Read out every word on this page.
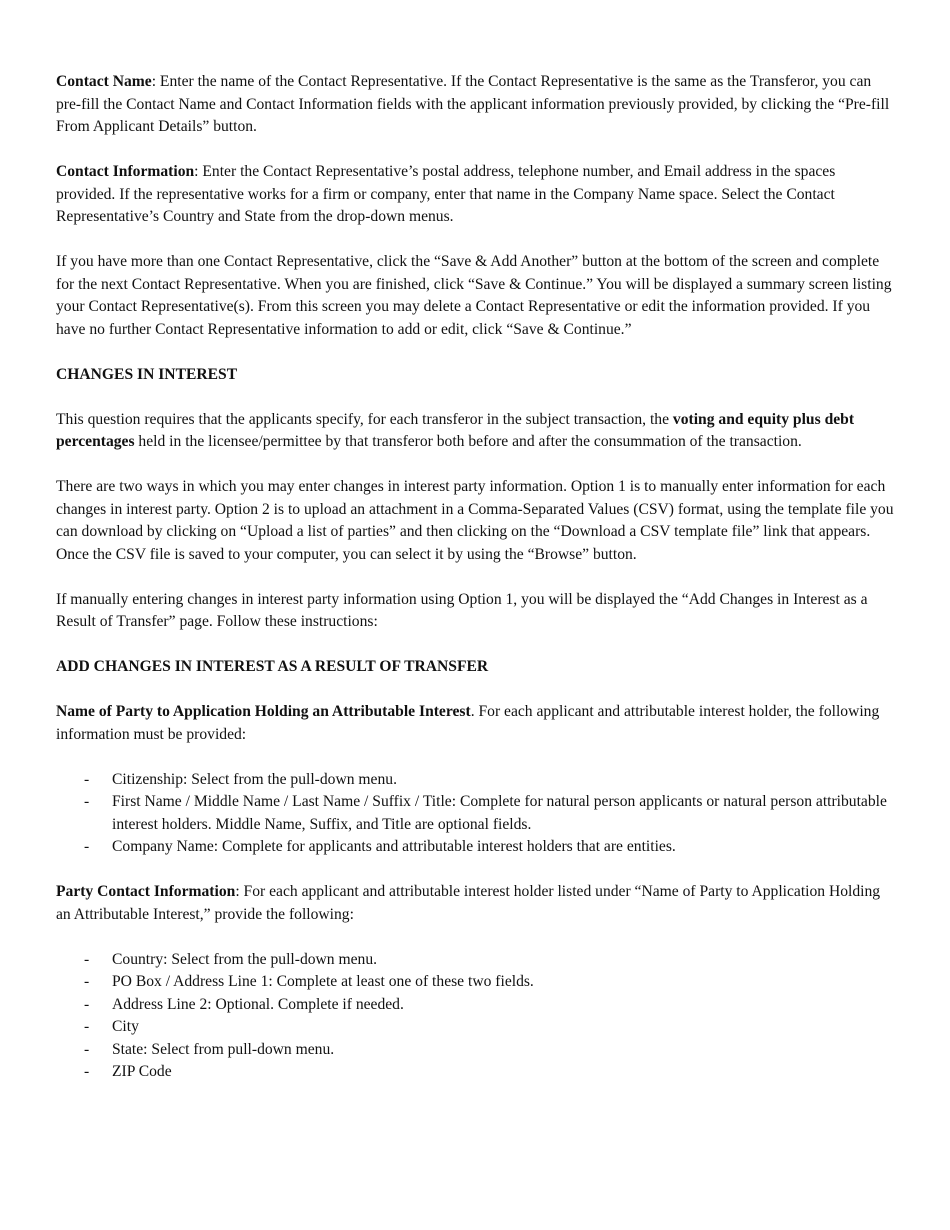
Contact Name: Enter the name of the Contact Representative. If the Contact Representative is the same as the Transferor, you can pre-fill the Contact Name and Contact Information fields with the applicant information previously provided, by clicking the “Pre-fill From Applicant Details” button.

Contact Information: Enter the Contact Representative’s postal address, telephone number, and Email address in the spaces provided. If the representative works for a firm or company, enter that name in the Company Name space. Select the Contact Representative’s Country and State from the drop-down menus.

If you have more than one Contact Representative, click the “Save & Add Another” button at the bottom of the screen and complete for the next Contact Representative. When you are finished, click “Save & Continue.” You will be displayed a summary screen listing your Contact Representative(s). From this screen you may delete a Contact Representative or edit the information provided. If you have no further Contact Representative information to add or edit, click “Save & Continue.”

CHANGES IN INTEREST

This question requires that the applicants specify, for each transferor in the subject transaction, the voting and equity plus debt percentages held in the licensee/permittee by that transferor both before and after the consummation of the transaction.

There are two ways in which you may enter changes in interest party information. Option 1 is to manually enter information for each changes in interest party. Option 2 is to upload an attachment in a Comma-Separated Values (CSV) format, using the template file you can download by clicking on “Upload a list of parties” and then clicking on the “Download a CSV template file” link that appears. Once the CSV file is saved to your computer, you can select it by using the “Browse” button.

If manually entering changes in interest party information using Option 1, you will be displayed the “Add Changes in Interest as a Result of Transfer” page. Follow these instructions:

ADD CHANGES IN INTEREST AS A RESULT OF TRANSFER

Name of Party to Application Holding an Attributable Interest. For each applicant and attributable interest holder, the following information must be provided:

- Citizenship: Select from the pull-down menu.
- First Name / Middle Name / Last Name / Suffix / Title: Complete for natural person applicants or natural person attributable interest holders. Middle Name, Suffix, and Title are optional fields.
- Company Name: Complete for applicants and attributable interest holders that are entities.

Party Contact Information: For each applicant and attributable interest holder listed under “Name of Party to Application Holding an Attributable Interest,” provide the following:

- Country: Select from the pull-down menu.
- PO Box / Address Line 1: Complete at least one of these two fields.
- Address Line 2: Optional. Complete if needed.
- City
- State: Select from pull-down menu.
- ZIP Code
